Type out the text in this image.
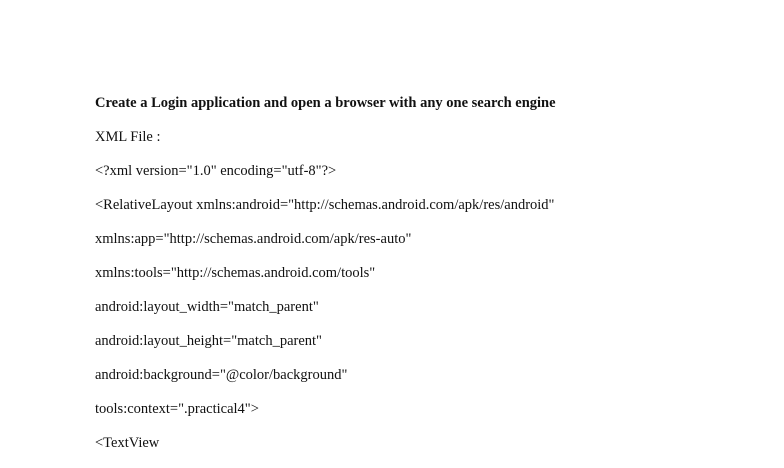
Create a Login application and open a browser with any one search engine
XML File :
<?xml version="1.0" encoding="utf-8"?>
<RelativeLayout xmlns:android="http://schemas.android.com/apk/res/android"
xmlns:app="http://schemas.android.com/apk/res-auto"
xmlns:tools="http://schemas.android.com/tools"
android:layout_width="match_parent"
android:layout_height="match_parent"
android:background="@color/background"
tools:context=".practical4">
<TextView
